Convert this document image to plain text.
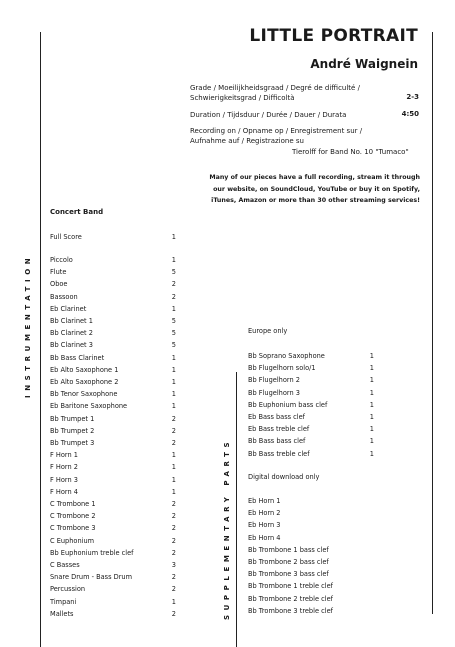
LITTLE PORTRAIT
André Waignein
Grade / Moeilijkheidsgraad / Degré de difficulté /
Schwierigkeitsgrad / Difficoltà	2-3
Duration / Tijdsduur / Durée / Dauer / Durata	4:50
Recording on / Opname op / Enregistrement sur /
Aufnahme auf / Registrazione su
Tierolff for Band No. 10 "Tumaco"
Many of our pieces have a full recording, stream it through
our website, on SoundCloud, YouTube or buy it on Spotify,
iTunes, Amazon or more than 30 other streaming services!
INSTRUMENTATION
SUPPLEMENTARY PARTS
Concert Band
Full Score	1
Piccolo	1
Flute	5
Oboe	2
Bassoon	2
Eb Clarinet	1
Bb Clarinet 1	5
Bb Clarinet 2	5
Bb Clarinet 3	5
Bb Bass Clarinet	1
Eb Alto Saxophone 1	1
Eb Alto Saxophone 2	1
Bb Tenor Saxophone	1
Eb Baritone Saxophone	1
Bb Trumpet 1	2
Bb Trumpet 2	2
Bb Trumpet 3	2
F Horn 1	1
F Horn 2	1
F Horn 3	1
F Horn 4	1
C Trombone 1	2
C Trombone 2	2
C Trombone 3	2
C Euphonium	2
Bb Euphonium treble clef	2
C Basses	3
Snare Drum - Bass Drum	2
Percussion	2
Timpani	1
Mallets	2
Europe only
Bb Soprano Saxophone	1
Bb Flugelhorn solo/1	1
Bb Flugelhorn 2	1
Bb Flugelhorn 3	1
Bb Euphonium bass clef	1
Eb Bass bass clef	1
Eb Bass treble clef	1
Bb Bass bass clef	1
Bb Bass treble clef	1
Digital download only
Eb Horn 1
Eb Horn 2
Eb Horn 3
Eb Horn 4
Bb Trombone 1 bass clef
Bb Trombone 2 bass clef
Bb Trombone 3 bass clef
Bb Trombone 1 treble clef
Bb Trombone 2 treble clef
Bb Trombone 3 treble clef
